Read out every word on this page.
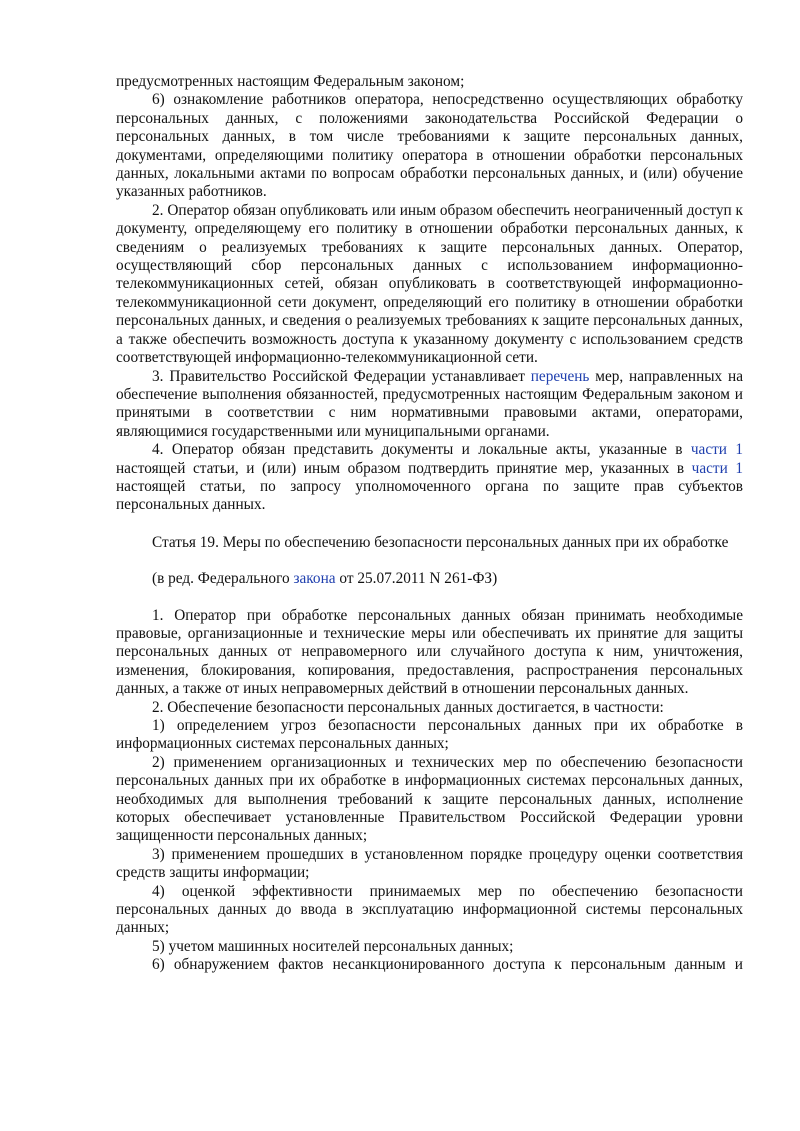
предусмотренных настоящим Федеральным законом;

6) ознакомление работников оператора, непосредственно осуществляющих обработку персональных данных, с положениями законодательства Российской Федерации о персональных данных, в том числе требованиями к защите персональных данных, документами, определяющими политику оператора в отношении обработки персональных данных, локальными актами по вопросам обработки персональных данных, и (или) обучение указанных работников.

2. Оператор обязан опубликовать или иным образом обеспечить неограниченный доступ к документу, определяющему его политику в отношении обработки персональных данных, к сведениям о реализуемых требованиях к защите персональных данных. Оператор, осуществляющий сбор персональных данных с использованием информационно-телекоммуникационных сетей, обязан опубликовать в соответствующей информационно-телекоммуникационной сети документ, определяющий его политику в отношении обработки персональных данных, и сведения о реализуемых требованиях к защите персональных данных, а также обеспечить возможность доступа к указанному документу с использованием средств соответствующей информационно-телекоммуникационной сети.

3. Правительство Российской Федерации устанавливает перечень мер, направленных на обеспечение выполнения обязанностей, предусмотренных настоящим Федеральным законом и принятыми в соответствии с ним нормативными правовыми актами, операторами, являющимися государственными или муниципальными органами.

4. Оператор обязан представить документы и локальные акты, указанные в части 1 настоящей статьи, и (или) иным образом подтвердить принятие мер, указанных в части 1 настоящей статьи, по запросу уполномоченного органа по защите прав субъектов персональных данных.

Статья 19. Меры по обеспечению безопасности персональных данных при их обработке

(в ред. Федерального закона от 25.07.2011 N 261-ФЗ)

1. Оператор при обработке персональных данных обязан принимать необходимые правовые, организационные и технические меры или обеспечивать их принятие для защиты персональных данных от неправомерного или случайного доступа к ним, уничтожения, изменения, блокирования, копирования, предоставления, распространения персональных данных, а также от иных неправомерных действий в отношении персональных данных.

2. Обеспечение безопасности персональных данных достигается, в частности:

1) определением угроз безопасности персональных данных при их обработке в информационных системах персональных данных;

2) применением организационных и технических мер по обеспечению безопасности персональных данных при их обработке в информационных системах персональных данных, необходимых для выполнения требований к защите персональных данных, исполнение которых обеспечивает установленные Правительством Российской Федерации уровни защищенности персональных данных;

3) применением прошедших в установленном порядке процедуру оценки соответствия средств защиты информации;

4) оценкой эффективности принимаемых мер по обеспечению безопасности персональных данных до ввода в эксплуатацию информационной системы персональных данных;

5) учетом машинных носителей персональных данных;

6) обнаружением фактов несанкционированного доступа к персональным данным и
